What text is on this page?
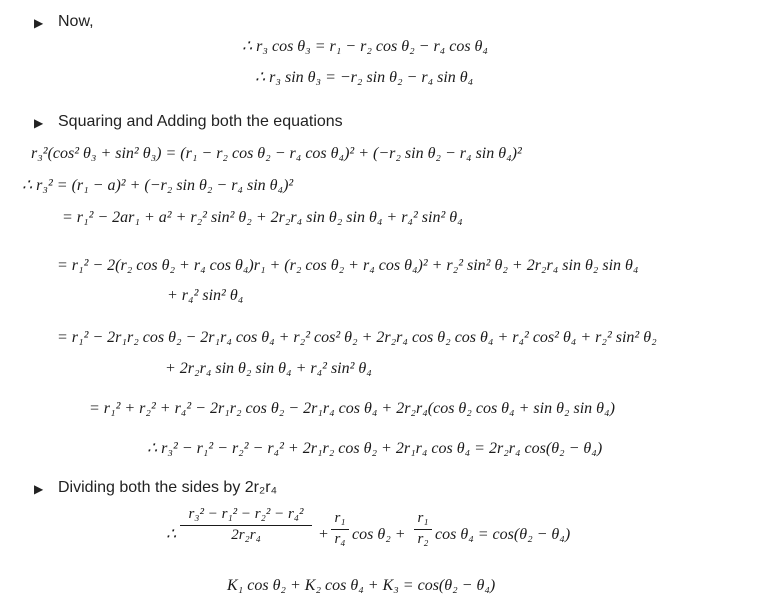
▶ Now,
∴ r₃ cos θ₃ = r₁ − r₂ cos θ₂ − r₄ cos θ₄
∴ r₃ sin θ₃ = −r₂ sin θ₂ − r₄ sin θ₄
▶ Squaring and Adding both the equations
r₃²(cos² θ₃ + sin² θ₃) = (r₁ − r₂ cos θ₂ − r₄ cos θ₄)² + (−r₂ sin θ₂ − r₄ sin θ₄)²
∴ r₃² = (r₁ − a)² + (−r₂ sin θ₂ − r₄ sin θ₄)²
= r₁² − 2ar₁ + a² + r₂² sin² θ₂ + 2r₂r₄ sin θ₂ sin θ₄ + r₄² sin² θ₄
= r₁² − 2(r₂ cos θ₂ + r₄ cos θ₄)r₁ + (r₂ cos θ₂ + r₄ cos θ₄)² + r₂² sin² θ₂ + 2r₂r₄ sin θ₂ sin θ₄
+ r₄² sin² θ₄
= r₁² − 2r₁r₂ cos θ₂ − 2r₁r₄ cos θ₄ + r₂² cos² θ₂ + 2r₂r₄ cos θ₂ cos θ₄ + r₄² cos² θ₄ + r₂² sin² θ₂
+ 2r₂r₄ sin θ₂ sin θ₄ + r₄² sin² θ₄
= r₁² + r₂² + r₄² − 2r₁r₂ cos θ₂ − 2r₁r₄ cos θ₄ + 2r₂r₄(cos θ₂ cos θ₄ + sin θ₂ sin θ₄)
∴ r₃² − r₁² − r₂² − r₄² + 2r₁r₂ cos θ₂ + 2r₁r₄ cos θ₄ = 2r₂r₄ cos(θ₂ − θ₄)
▶ Dividing both the sides by 2r₂r₄
∴
r₃² − r₁² − r₂² − r₄²
2r₂r₄	+
r₁
r₄ cos θ₂ +
r₁
r₂ cos θ₄ = cos(θ₂ − θ₄)
K₁ cos θ₂ + K₂ cos θ₄ + K₃ = cos(θ₂ − θ₄)
